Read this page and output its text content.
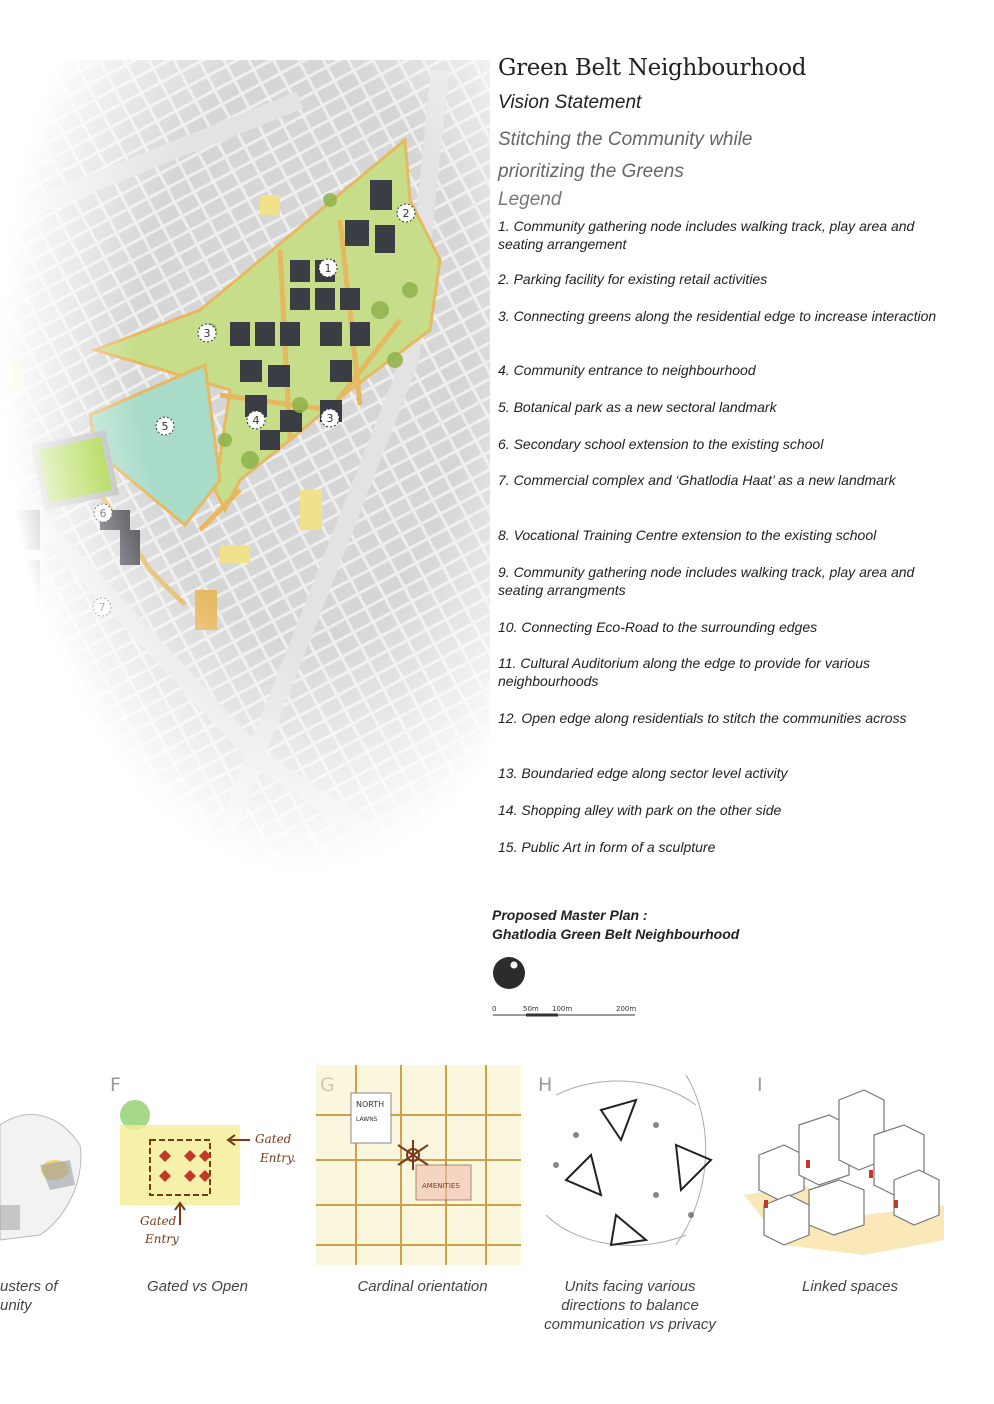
Green Belt Neighbourhood
Vision Statement
Stitching the Community while
prioritizing the Greens
Legend
1. Community gathering node includes walking track, play area and seating arrangement
2. Parking facility for existing retail activities
3. Connecting greens along the residential edge to increase interaction
4. Community entrance to neighbourhood
5. Botanical park as a new sectoral landmark
6. Secondary school extension to the existing school
7. Commercial complex and ‘Ghatlodia Haat’ as a new landmark
8. Vocational Training Centre extension to the existing school
9. Community gathering node includes walking track, play area and seating arrangments
10. Connecting Eco-Road to the surrounding edges
11. Cultural Auditorium along the edge to provide for various neighbourhoods
12. Open edge along residentials to stitch the communities across
13. Boundaried edge along sector level activity
14. Shopping alley with park on the other side
15. Public Art in form of a sculpture
Proposed Master Plan :
Ghatlodia Green Belt Neighbourhood
0	50m 100m	200m
F
Gated
Entry.
Gated
Entry
NORTH
LAWNS
AMENITIES
H	I
usters of
unity
Gated vs Open	Cardinal orientation	Units facing various
directions to balance
communication vs privacy
Linked spaces
